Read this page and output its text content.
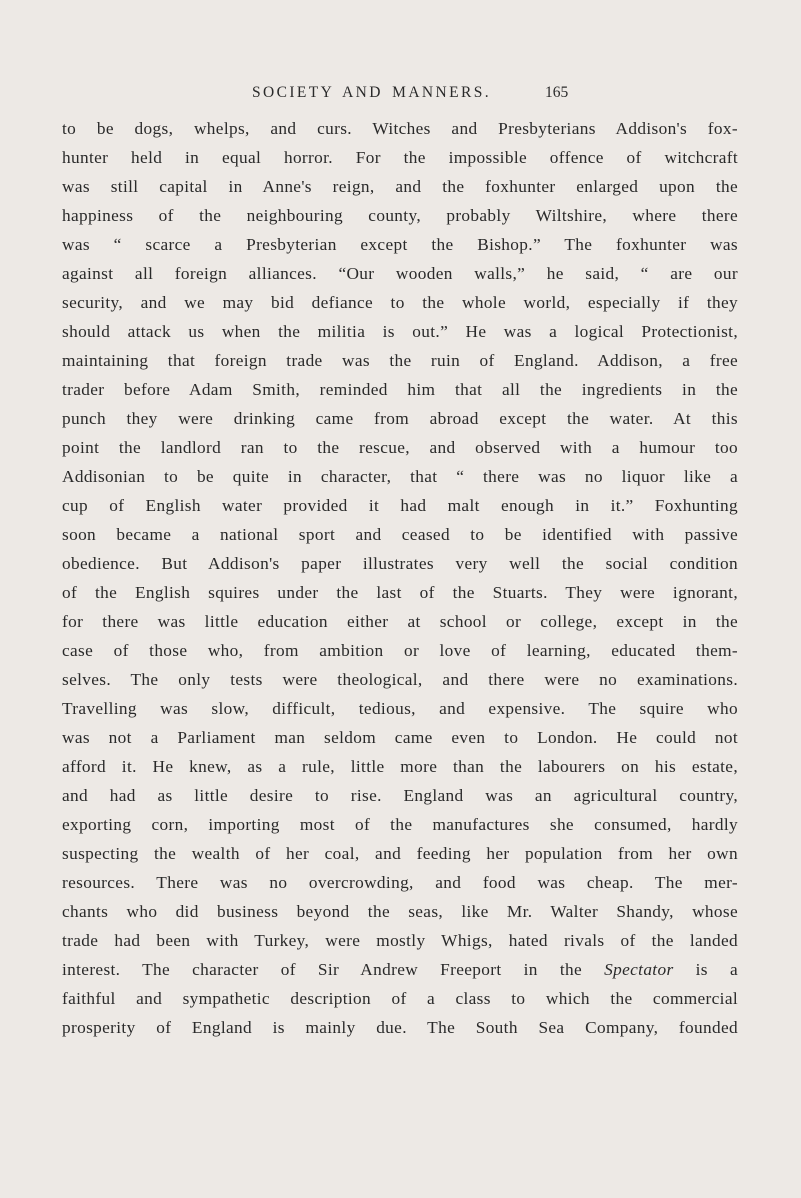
SOCIETY AND MANNERS.	165
to be dogs, whelps, and curs. Witches and Presbyterians Addison's fox-
hunter held in equal horror. For the impossible offence of witchcraft
was still capital in Anne's reign, and the foxhunter enlarged upon the
happiness of the neighbouring county, probably Wiltshire, where there
was “ scarce a Presbyterian except the Bishop.” The foxhunter was
against all foreign alliances. “Our wooden walls,” he said, “ are our
security, and we may bid defiance to the whole world, especially if they
should attack us when the militia is out.” He was a logical Protectionist,
maintaining that foreign trade was the ruin of England. Addison, a free
trader before Adam Smith, reminded him that all the ingredients in the
punch they were drinking came from abroad except the water. At this
point the landlord ran to the rescue, and observed with a humour too
Addisonian to be quite in character, that “ there was no liquor like a
cup of English water provided it had malt enough in it.” Foxhunting
soon became a national sport and ceased to be identified with passive
obedience. But Addison's paper illustrates very well the social condition
of the English squires under the last of the Stuarts. They were ignorant,
for there was little education either at school or college, except in the
case of those who, from ambition or love of learning, educated them-
selves. The only tests were theological, and there were no examinations.
Travelling was slow, difficult, tedious, and expensive. The squire who
was not a Parliament man seldom came even to London. He could not
afford it. He knew, as a rule, little more than the labourers on his estate,
and had as little desire to rise. England was an agricultural country,
exporting corn, importing most of the manufactures she consumed, hardly
suspecting the wealth of her coal, and feeding her population from her own
resources. There was no overcrowding, and food was cheap. The mer-
chants who did business beyond the seas, like Mr. Walter Shandy, whose
trade had been with Turkey, were mostly Whigs, hated rivals of the landed
interest. The character of Sir Andrew Freeport in the Spectator is a
faithful and sympathetic description of a class to which the commercial
prosperity of England is mainly due. The South Sea Company, founded
